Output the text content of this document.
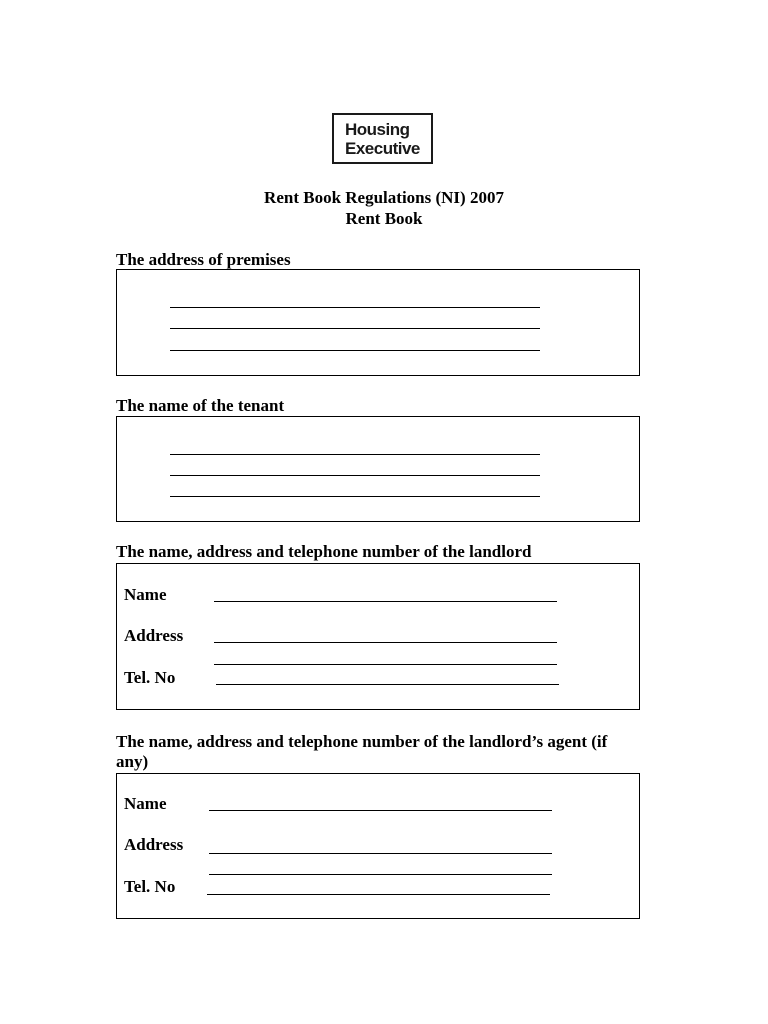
Housing
Executive
Rent Book Regulations (NI) 2007
Rent Book
The address of premises
The name of the tenant
The name, address and telephone number of the landlord
Name
Address
Tel. No
The name, address and telephone number of the landlord’s agent (if
any)
Name
Address
Tel. No
